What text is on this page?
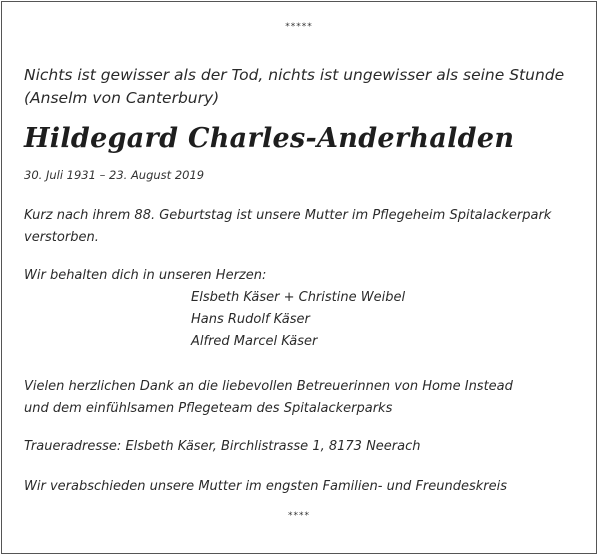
*****
Nichts ist gewisser als der Tod, nichts ist ungewisser als seine Stunde
(Anselm von Canterbury)
Hildegard Charles-Anderhalden
30. Juli 1931 – 23. August 2019
Kurz nach ihrem 88. Geburtstag ist unsere Mutter im Pflegeheim Spitalackerpark
verstorben.
Wir behalten dich in unseren Herzen:
Elsbeth Käser + Christine Weibel
Hans Rudolf Käser
Alfred Marcel Käser
Vielen herzlichen Dank an die liebevollen Betreuerinnen von Home Instead
und dem einfühlsamen Pflegeteam des Spitalackerparks
Traueradresse: Elsbeth Käser, Birchlistrasse 1, 8173 Neerach
Wir verabschieden unsere Mutter im engsten Familien- und Freundeskreis
****
